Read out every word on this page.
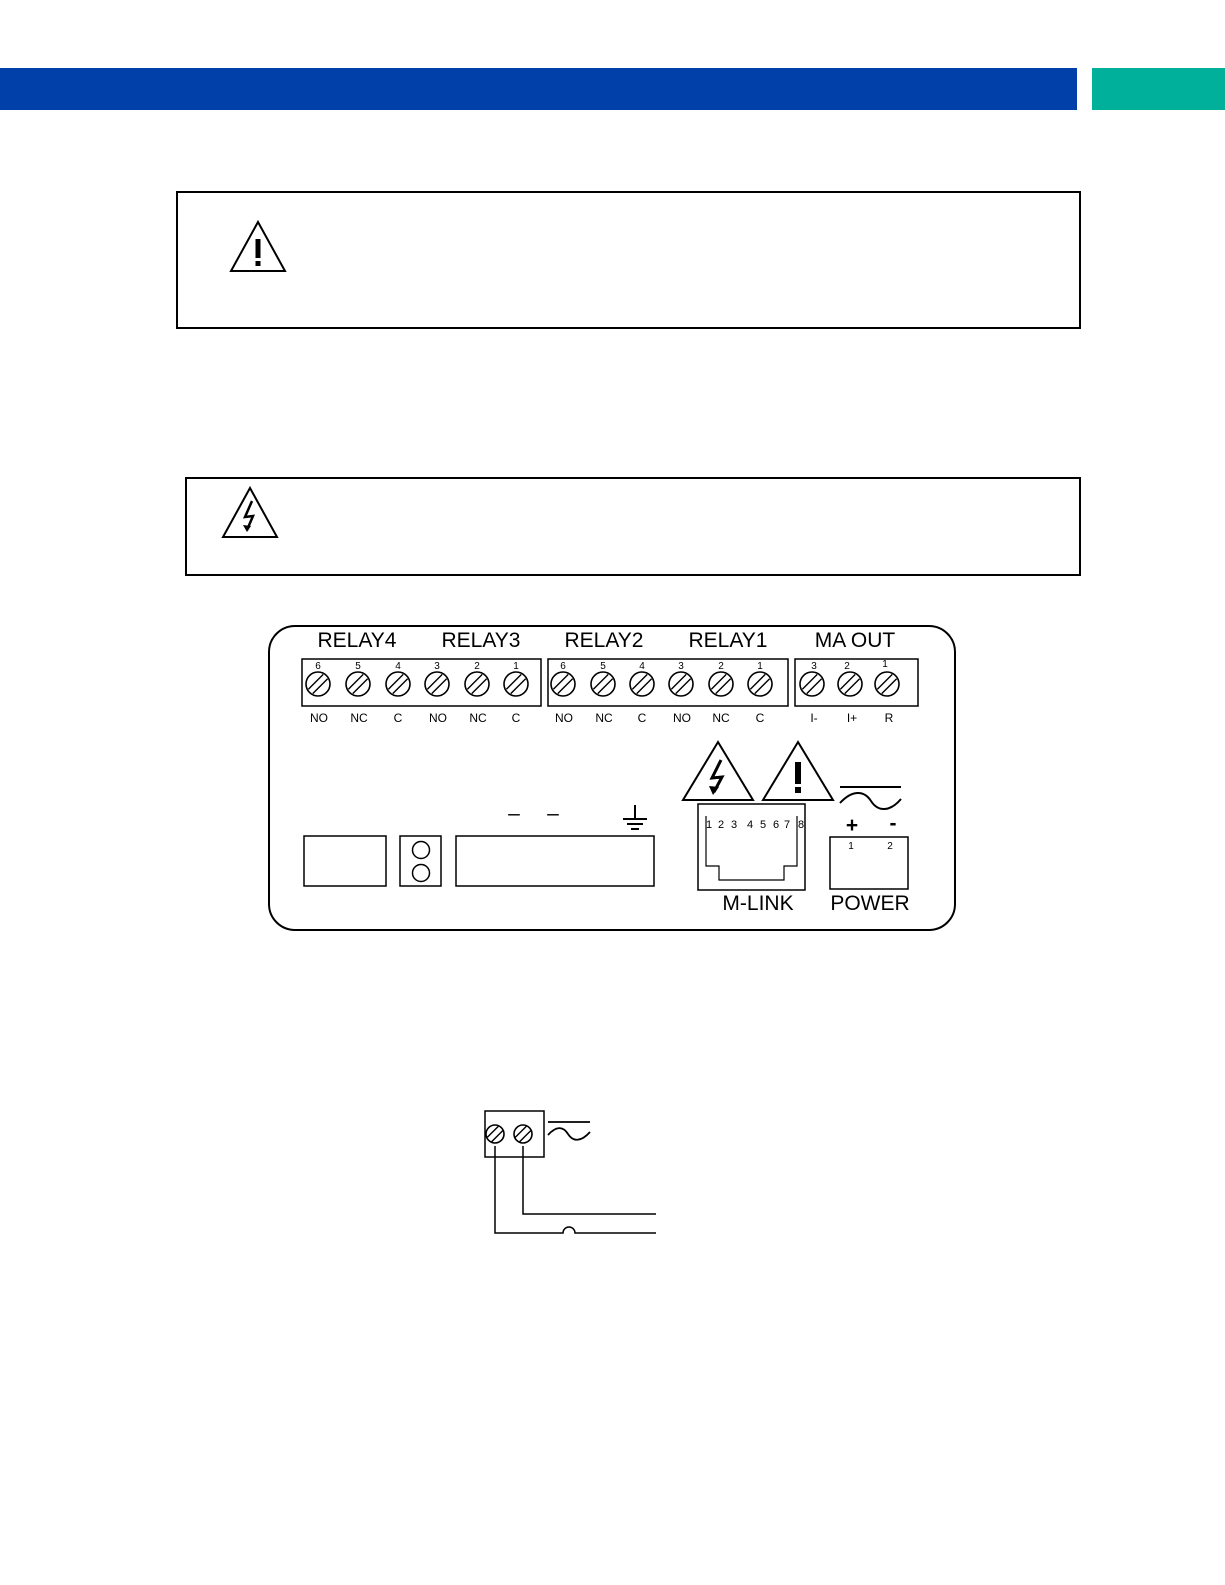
RELAY4 RELAY3 RELAY2 RELAY1 MA OUT
6	5	4	3	2	1
NO NC C NO NC C
6	5	4	3	2	1
NO NC C NO NC C
3	2	1
I- I+ R
– –	1 2 3 4 5 6 7 8
M-LINK
+ -
1	2
POWER
